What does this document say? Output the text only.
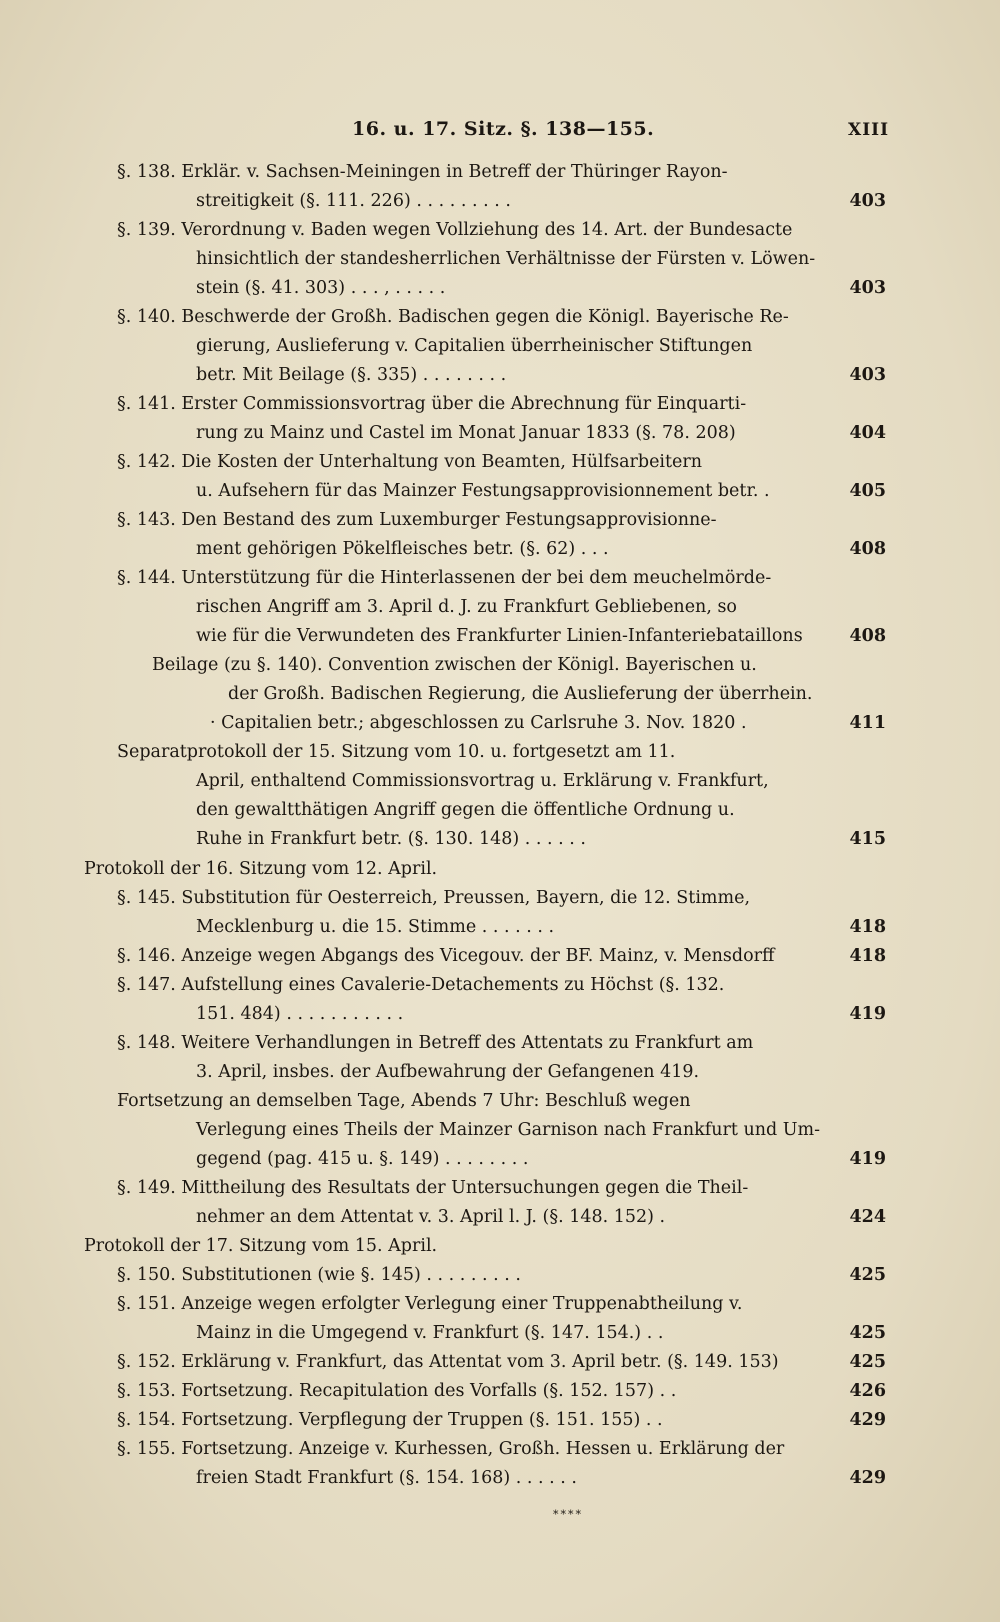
16. u. 17. Sitz. §. 138—155.	XIII
§. 138. Erklär. v. Sachsen-Meiningen in Betreff der Thüringer Rayon-
streitigkeit (§. 111. 226) . . . . . . . . .	403
§. 139. Verordnung v. Baden wegen Vollziehung des 14. Art. der Bundesacte
hinsichtlich der standesherrlichen Verhältnisse der Fürsten v. Löwen-
stein (§. 41. 303) . . . , . . . . .	403
§. 140. Beschwerde der Großh. Badischen gegen die Königl. Bayerische Re-
gierung, Auslieferung v. Capitalien überrheinischer Stiftungen
betr. Mit Beilage (§. 335) . . . . . . . .	403
§. 141. Erster Commissionsvortrag über die Abrechnung für Einquarti-
rung zu Mainz und Castel im Monat Januar 1833 (§. 78. 208)	404
§. 142. Die Kosten der Unterhaltung von Beamten, Hülfsarbeitern
u. Aufsehern für das Mainzer Festungsapprovisionnement betr. .	405
§. 143. Den Bestand des zum Luxemburger Festungsapprovisionne-
ment gehörigen Pökelfleisches betr. (§. 62) . . .	408
§. 144. Unterstützung für die Hinterlassenen der bei dem meuchelmörde-
rischen Angriff am 3. April d. J. zu Frankfurt Gebliebenen, so
wie für die Verwundeten des Frankfurter Linien-Infanteriebataillons	408
Beilage (zu §. 140). Convention zwischen der Königl. Bayerischen u.
der Großh. Badischen Regierung, die Auslieferung der überrhein.
· Capitalien betr.; abgeschlossen zu Carlsruhe 3. Nov. 1820 .	411
Separatprotokoll der 15. Sitzung vom 10. u. fortgesetzt am 11.
April, enthaltend Commissionsvortrag u. Erklärung v. Frankfurt,
den gewaltthätigen Angriff gegen die öffentliche Ordnung u.
Ruhe in Frankfurt betr. (§. 130. 148) . . . . . .	415
Protokoll der 16. Sitzung vom 12. April.
§. 145. Substitution für Oesterreich, Preussen, Bayern, die 12. Stimme,
Mecklenburg u. die 15. Stimme . . . . . . .	418
§. 146. Anzeige wegen Abgangs des Vicegouv. der BF. Mainz, v. Mensdorff	418
§. 147. Aufstellung eines Cavalerie-Detachements zu Höchst (§. 132.
151. 484) . . . . . . . . . . .	419
§. 148. Weitere Verhandlungen in Betreff des Attentats zu Frankfurt am
3. April, insbes. der Aufbewahrung der Gefangenen 419.
Fortsetzung an demselben Tage, Abends 7 Uhr: Beschluß wegen
Verlegung eines Theils der Mainzer Garnison nach Frankfurt und Um-
gegend (pag. 415 u. §. 149) . . . . . . . .	419
§. 149. Mittheilung des Resultats der Untersuchungen gegen die Theil-
nehmer an dem Attentat v. 3. April l. J. (§. 148. 152) .	424
Protokoll der 17. Sitzung vom 15. April.
§. 150. Substitutionen (wie §. 145) . . . . . . . . .	425
§. 151. Anzeige wegen erfolgter Verlegung einer Truppenabtheilung v.
Mainz in die Umgegend v. Frankfurt (§. 147. 154.) . .	425
§. 152. Erklärung v. Frankfurt, das Attentat vom 3. April betr. (§. 149. 153)	425
§. 153. Fortsetzung. Recapitulation des Vorfalls (§. 152. 157) . .	426
§. 154. Fortsetzung. Verpflegung der Truppen (§. 151. 155) . .	429
§. 155. Fortsetzung. Anzeige v. Kurhessen, Großh. Hessen u. Erklärung der
freien Stadt Frankfurt (§. 154. 168) . . . . . .	429
****
